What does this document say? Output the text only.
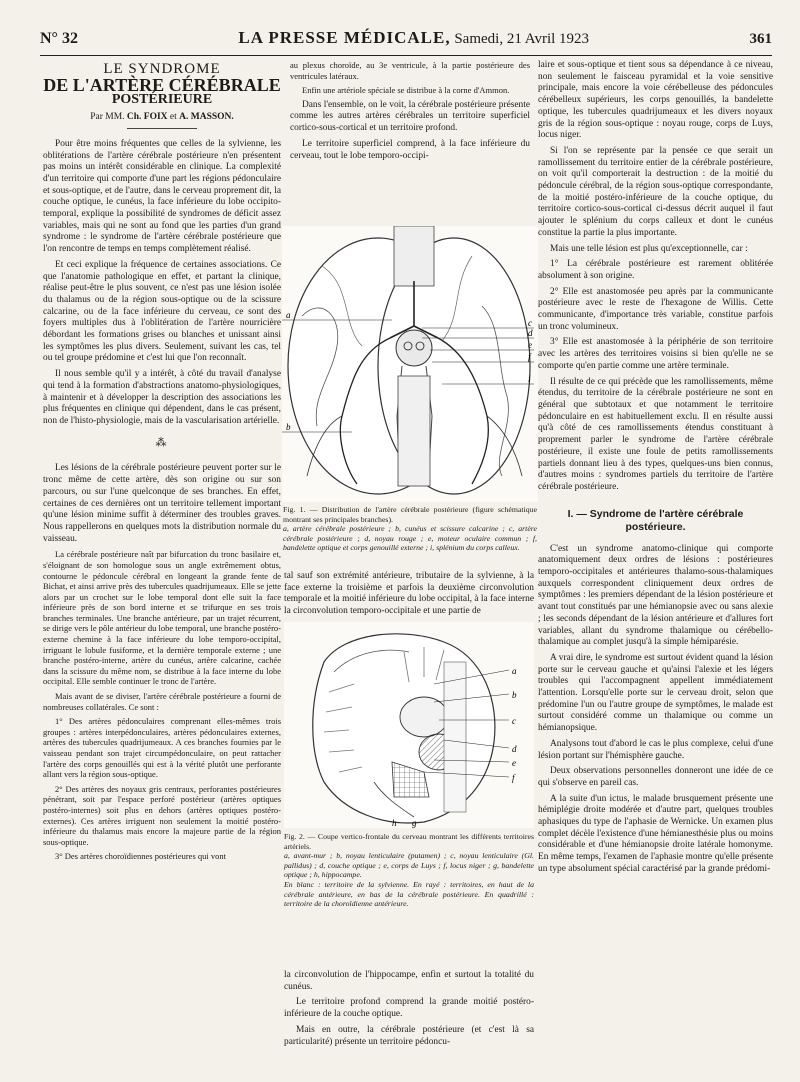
N° 32	LA PRESSE MÉDICALE, Samedi, 21 Avril 1923	361
LE SYNDROME
DE L'ARTÈRE CÉRÉBRALE
POSTÉRIEURE
Par MM. Ch. FOIX et A. MASSON.

Pour être moins fréquentes que celles de la sylvienne, les oblitérations de l'artère cérébrale postérieure n'en présentent pas moins un intérêt considérable en clinique. La complexité d'un territoire qui comporte d'une part les régions pédonculaire et sous-optique, et de l'autre, dans le cerveau proprement dit, la couche optique, le cunéus, la face inférieure du lobe occipito-temporal, explique la possibilité de syndromes de déficit assez variables, mais qui ne sont au fond que les parties d'un grand syndrome : le syndrome de l'artère cérébrale postérieure que l'on rencontre de temps en temps complètement réalisé.

Et ceci explique la fréquence de certaines associations. Ce que l'anatomie pathologique en effet, et partant la clinique, réalise peut-être le plus souvent, ce n'est pas une lésion isolée du thalamus ou de la région sous-optique ou de la scissure calcarine, ou de la face inférieure du cerveau, ce sont des foyers multiples dus à l'oblitération de l'artère nourricière débordant les formations grises ou blanches et unissant ainsi les symptômes les plus divers. Seulement, suivant les cas, tel ou tel groupe prédomine et c'est lui que l'on reconnaît.

Il nous semble qu'il y a intérêt, à côté du travail d'analyse qui tend à la formation d'abstractions anatomo-physiologiques, à maintenir et à développer la description des associations les plus fréquentes en clinique qui dépendent, dans le cas présent, non de l'histo-physiologie, mais de la vascularisation artérielle.

⁂

Les lésions de la cérébrale postérieure peuvent porter sur le tronc même de cette artère, dès son origine ou sur son parcours, ou sur l'une quelconque de ses branches. En effet, certaines de ces dernières ont un territoire tellement important qu'une lésion minime suffit à déterminer des troubles graves. Nous rappellerons en quelques mots la distribution normale du vaisseau.

La cérébrale postérieure naît par bifurcation du tronc basilaire et, s'éloignant de son homologue sous un angle extrêmement obtus, contourne le pédoncule cérébral en longeant la grande fente de Bichat, et ainsi arrive près des tubercules quadrijumeaux. Elle se jette alors par un crochet sur le lobe temporal dont elle suit la face inférieure près de son bord interne et se trifurque en ses trois branches terminales. Une branche antérieure, par un trajet récurrent, se dirige vers le pôle antérieur du lobe temporal, une branche postéro-externe chemine à la face inférieure du lobe temporo-occipital, irriguant le lobule fusiforme, et la dernière temporale externe ; une branche postéro-interne, artère du cunéus, artère calcarine, cachée dans la scissure du même nom, se distribue à la face interne du lobe occipital. Elle semble continuer le tronc de l'artère.

Mais avant de se diviser, l'artère cérébrale postérieure a fourni de nombreuses collatérales. Ce sont :

1° Des artères pédonculaires comprenant elles-mêmes trois groupes : artères interpédonculaires, artères pédonculaires externes, artères des tubercules quadrijumeaux. A ces branches fournies par le vaisseau pendant son trajet circumpédonculaire, on peut rattacher l'artère des corps genouillés qui est à la vérité plutôt une perforante allant vers la région sous-optique.

2° Des artères des noyaux gris centraux, perforantes postérieures pénétrant, soit par l'espace perforé postérieur (artères optiques postéro-internes) soit plus en dehors (artères optiques postéro-externes). Ces artères irriguent non seulement la moitié postéro-inférieure du thalamus mais encore la majeure partie de la région sous-optique.

3° Des artères choroïdiennes postérieures qui vont

au plexus choroïde, au 3e ventricule, à la partie postérieure des ventricules latéraux.

Enfin une artériole spéciale se distribue à la corne d'Ammon.

Dans l'ensemble, on le voit, la cérébrale postérieure présente comme les autres artères cérébrales un territoire superficiel cortico-sous-cortical et un territoire profond.

Le territoire superficiel comprend, à la face inférieure du cerveau, tout le lobe temporo-occipi-

a
b
c
d
e
f
i
Fig. 1. — Distribution de l'artère cérébrale postérieure (figure schématique montrant ses principales branches).
a, artère cérébrale postérieure ; b, cunéus et scissure calcarine ; c, artère cérébrale postérieure ; d, noyau rouge ; e, moteur oculaire commun ; f, bandelette optique et corps genouillé externe ; i, splénium du corps calleux.

tal sauf son extrémité antérieure, tributaire de la sylvienne, à la face externe la troisième et parfois la deuxième circonvolution temporale et la moitié inférieure du lobe occipital, à la face interne la circonvolution temporo-occipitale et une partie de

a
b
c
d
e
f
h g
Fig. 2. — Coupe vertico-frontale du cerveau montrant les différents territoires artériels.
a, avant-mur ; b, noyau lenticulaire (putamen) ; c, noyau lenticulaire (Gl. pallidus) ; d, couche optique ; e, corps de Luys ; f, locus niger ; g, bandelette optique ; h, hippocampe.
En blanc : territoire de la sylvienne. En rayé : territoires, en haut de la cérébrale antérieure, en bas de la cérébrale postérieure. En quadrillé : territoire de la choroïdienne antérieure.

la circonvolution de l'hippocampe, enfin et surtout la totalité du cunéus.

Le territoire profond comprend la grande moitié postéro-inférieure de la couche optique.

Mais en outre, la cérébrale postérieure (et c'est là sa particularité) présente un territoire pédoncu-

laire et sous-optique et tient sous sa dépendance à ce niveau, non seulement le faisceau pyramidal et la voie sensitive principale, mais encore la voie cérébelleuse des pédoncules cérébelleux supérieurs, les corps genouillés, la bandelette optique, les tubercules quadrijumeaux et les divers noyaux gris de la région sous-optique : noyau rouge, corps de Luys, locus niger.

Si l'on se représente par la pensée ce que serait un ramollissement du territoire entier de la cérébrale postérieure, on voit qu'il comporterait la destruction : de la moitié du pédoncule cérébral, de la région sous-optique correspondante, de la moitié postéro-inférieure de la couche optique, du territoire cortico-sous-cortical ci-dessus décrit auquel il faut ajouter le splénium du corps calleux et dont le cunéus constitue la partie la plus importante.

Mais une telle lésion est plus qu'exceptionnelle, car :

1° La cérébrale postérieure est rarement oblitérée absolument à son origine.

2° Elle est anastomosée peu après par la communicante postérieure avec le reste de l'hexagone de Willis. Cette communicante, d'importance très variable, constitue parfois un tronc volumineux.

3° Elle est anastomosée à la périphérie de son territoire avec les artères des territoires voisins si bien qu'elle ne se comporte qu'en partie comme une artère terminale.

Il résulte de ce qui précède que les ramollissements, même étendus, du territoire de la cérébrale postérieure ne sont en général que subtotaux et que notamment le territoire pédonculaire en est habituellement exclu. Il en résulte aussi qu'à côté de ces ramollissements étendus constituant à proprement parler le syndrome de l'artère cérébrale postérieure, il existe une foule de petits ramollissements partiels donnant lieu à des types, quelques-uns bien connus, d'autres moins : syndromes partiels du territoire de l'artère cérébrale postérieure.

I. — Syndrome de l'artère cérébrale postérieure.

C'est un syndrome anatomo-clinique qui comporte anatomiquement deux ordres de lésions : postérieures temporo-occipitales et antérieures thalamo-sous-thalamiques auxquels correspondent cliniquement deux ordres de symptômes : les premiers dépendant de la lésion postérieure et avant tout constitués par une hémianopsie avec ou sans alexie ; les seconds dépendant de la lésion antérieure et d'allures fort variables, allant du syndrome thalamique ou cérébello-thalamique au complet jusqu'à la simple hémiparésie.

A vrai dire, le syndrome est surtout évident quand la lésion porte sur le cerveau gauche et qu'ainsi l'alexie et les légers troubles qui l'accompagnent appellent immédiatement l'attention. Lorsqu'elle porte sur le cerveau droit, selon que prédomine l'un ou l'autre groupe de symptômes, le malade est surtout considéré comme un thalamique ou comme un hémianopsique.

Analysons tout d'abord le cas le plus complexe, celui d'une lésion portant sur l'hémisphère gauche.

Deux observations personnelles donneront une idée de ce qui s'observe en pareil cas.

A la suite d'un ictus, le malade brusquement présente une hémiplégie droite modérée et d'autre part, quelques troubles aphasiques du type de l'aphasie de Wernicke. Un examen plus complet décèle l'existence d'une hémianesthésie plus ou moins considérable et d'une hémianopsie droite latérale homonyme. En même temps, l'examen de l'aphasie montre qu'elle présente un type absolument spécial caractérisé par la grande prédomi-
